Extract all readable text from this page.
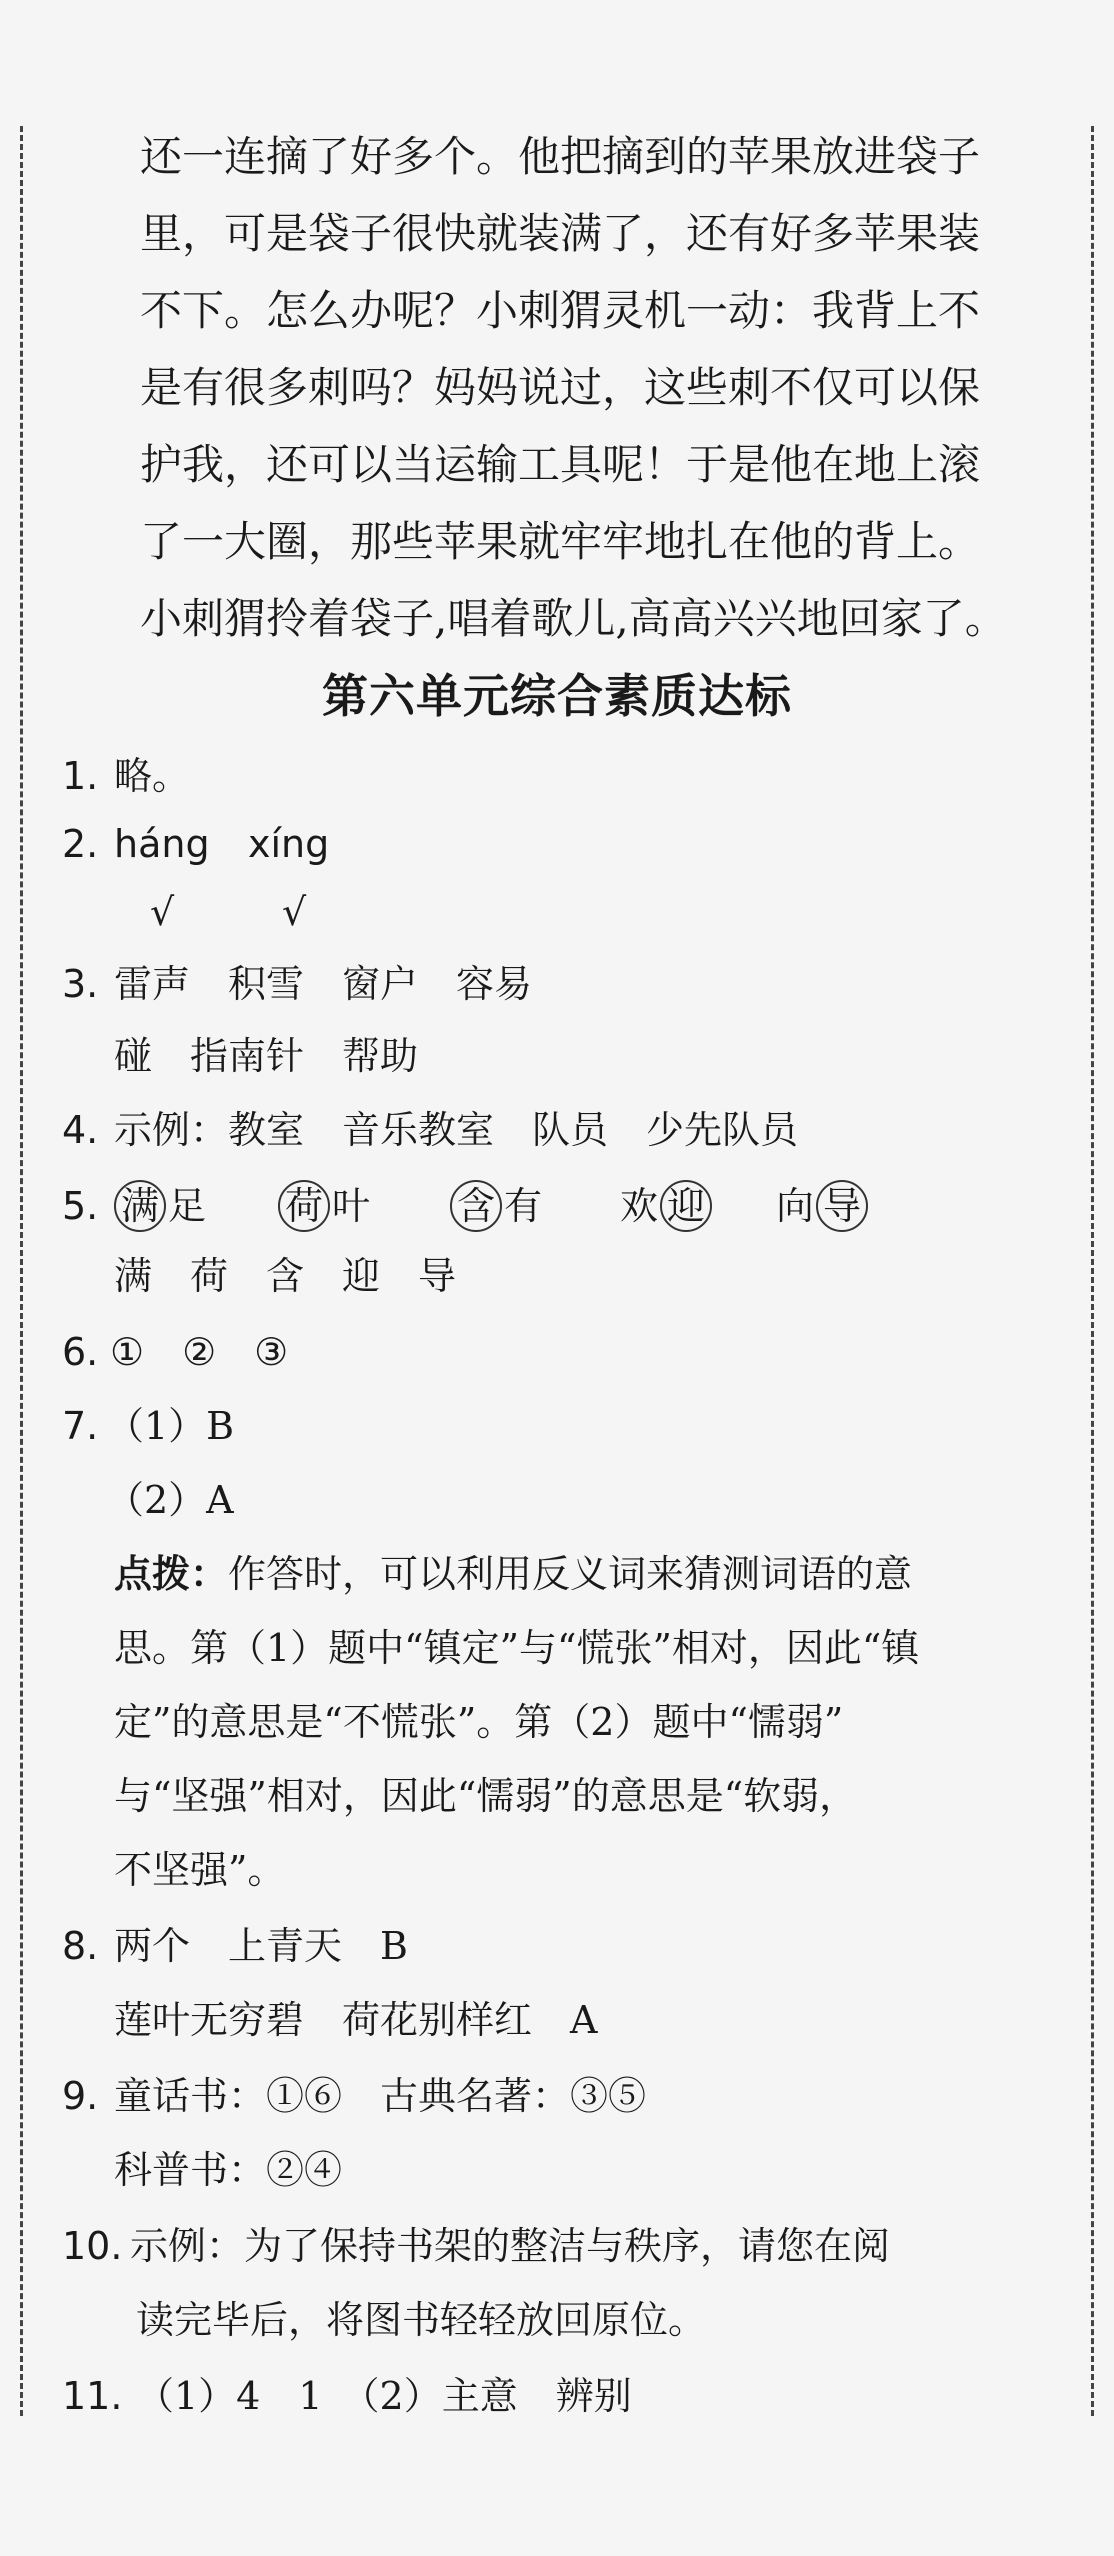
还一连摘了好多个。他把摘到的苹果放进袋子

里，可是袋子很快就装满了，还有好多苹果装

不下。怎么办呢？小刺猬灵机一动：我背上不

是有很多刺吗？妈妈说过，这些刺不仅可以保

护我，还可以当运输工具呢！于是他在地上滚

了一大圈，那些苹果就牢牢地扎在他的背上。

小刺猬拎着袋子,唱着歌儿,高高兴兴地回家了。

第六单元综合素质达标
1. 略。
2. háng xíng
√	√
3. 雷声　积雪　窗户　容易
碰　指南针　帮助
4. 示例：教室　音乐教室　队员　少先队员
5. 满 足 荷 叶 含 有 欢 迎 向 导
满　荷　含　迎　导
6. ①　②　③
7. （1）B
（2）A
点拨：作答时，可以利用反义词来猜测词语的意
思。第（1）题中“镇定”与“慌张”相对，因此“镇
定”的意思是“不慌张”。第（2）题中“懦弱”
与“坚强”相对，因此“懦弱”的意思是“软弱，
不坚强”。
8. 两个　上青天　B
莲叶无穷碧　荷花别样红　A
9. 童话书：①⑥　古典名著：③⑤
科普书：②④
10. 示例：为了保持书架的整洁与秩序，请您在阅
读完毕后，将图书轻轻放回原位。
11. （1）4　1　（2）主意　辨别
